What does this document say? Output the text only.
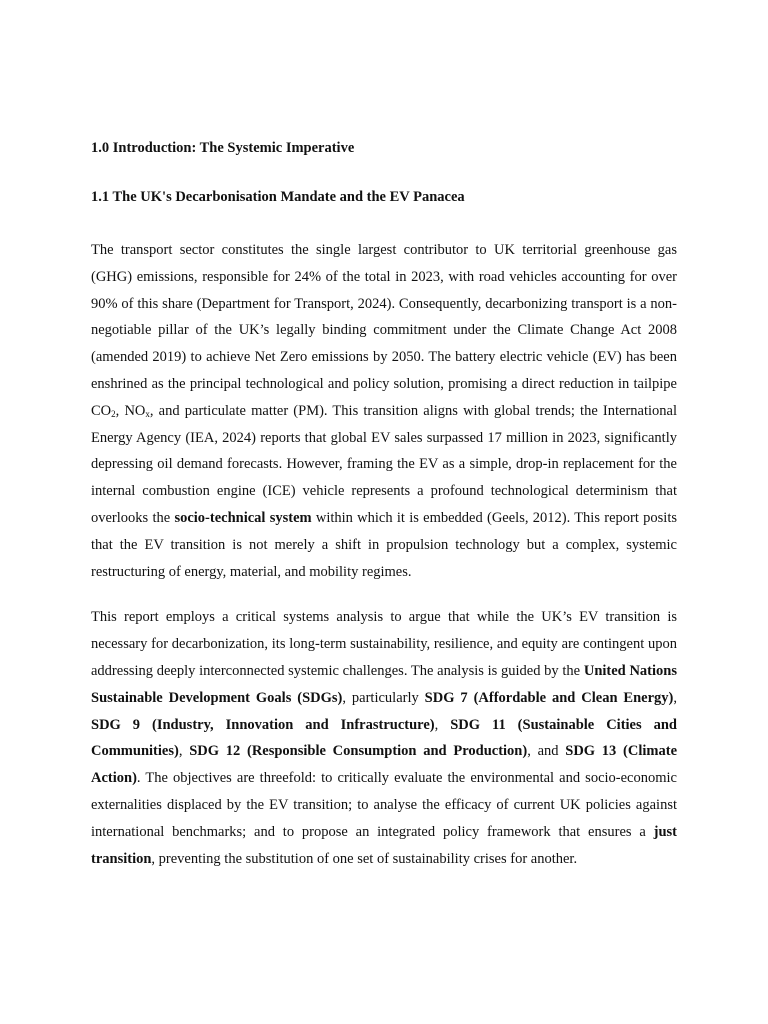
1.0 Introduction: The Systemic Imperative

1.1 The UK's Decarbonisation Mandate and the EV Panacea

The transport sector constitutes the single largest contributor to UK territorial greenhouse gas (GHG) emissions, responsible for 24% of the total in 2023, with road vehicles accounting for over 90% of this share (Department for Transport, 2024). Consequently, decarbonizing transport is a non-negotiable pillar of the UK’s legally binding commitment under the Climate Change Act 2008 (amended 2019) to achieve Net Zero emissions by 2050. The battery electric vehicle (EV) has been enshrined as the principal technological and policy solution, promising a direct reduction in tailpipe $CO_2$, $NO_x$, and particulate matter (PM). This transition aligns with global trends; the International Energy Agency (IEA, 2024) reports that global EV sales surpassed 17 million in 2023, significantly depressing oil demand forecasts. However, framing the EV as a simple, drop-in replacement for the internal combustion engine (ICE) vehicle represents a profound technological determinism that overlooks the socio-technical system within which it is embedded (Geels, 2012). This report posits that the EV transition is not merely a shift in propulsion technology but a complex, systemic restructuring of energy, material, and mobility regimes.

This report employs a critical systems analysis to argue that while the UK’s EV transition is necessary for decarbonization, its long-term sustainability, resilience, and equity are contingent upon addressing deeply interconnected systemic challenges. The analysis is guided by the United Nations Sustainable Development Goals (SDGs), particularly SDG 7 (Affordable and Clean Energy), SDG 9 (Industry, Innovation and Infrastructure), SDG 11 (Sustainable Cities and Communities), SDG 12 (Responsible Consumption and Production), and SDG 13 (Climate Action). The objectives are threefold: to critically evaluate the environmental and socio-economic externalities displaced by the EV transition; to analyse the efficacy of current UK policies against international benchmarks; and to propose an integrated policy framework that ensures a just transition, preventing the substitution of one set of sustainability crises for another.
